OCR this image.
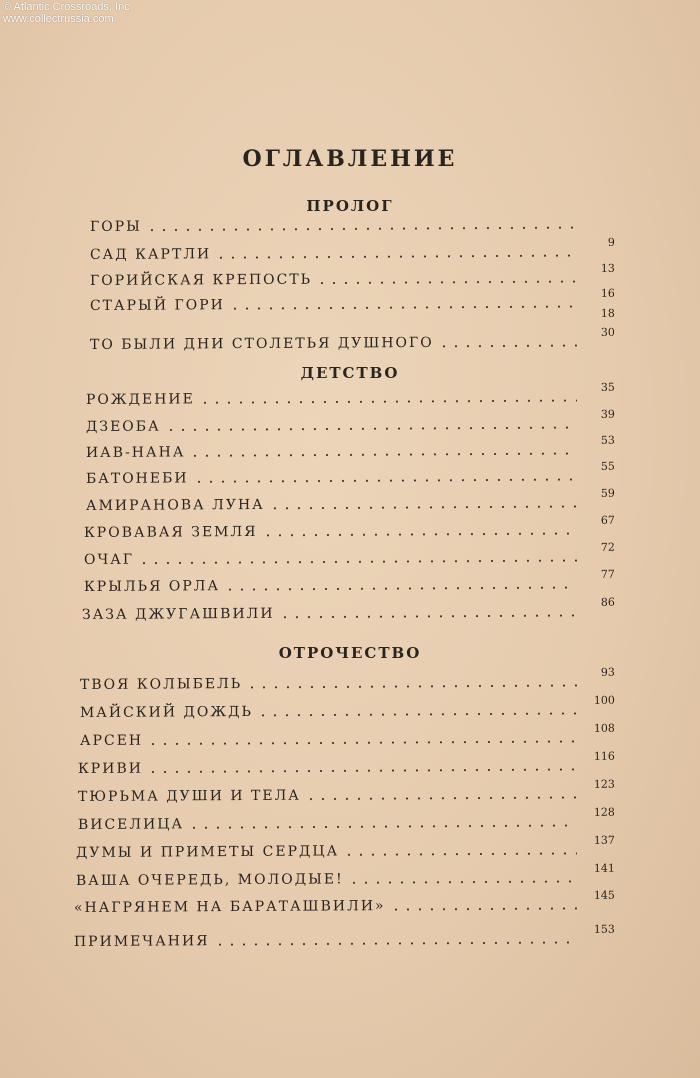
© Atlantic Crossroads, Inc.
www.collectrussia.com
ОГЛАВЛЕНИЕ
ПРОЛОГ
ГОРЫ
САД КАРТЛИ
9
ГОРИЙСКАЯ КРЕПОСТЬ
13
СТАРЫЙ ГОРИ
16
18
ТО БЫЛИ ДНИ СТОЛЕТЬЯ ДУШНОГО
30
ДЕТСТВО
РОЖДЕНИЕ
35
ДЗЕОБА
39
ИАВ-НАНА
53
БАТОНЕБИ
55
АМИРАНОВА ЛУНА
59
КРОВАВАЯ ЗЕМЛЯ
67
ОЧАГ
72
КРЫЛЬЯ ОРЛА
77
ЗАЗА ДЖУГАШВИЛИ
86
ОТРОЧЕСТВО
ТВОЯ КОЛЫБЕЛЬ
93
МАЙСКИЙ ДОЖДЬ
100
АРСЕН
108
КРИВИ
116
ТЮРЬМА ДУШИ И ТЕЛА
123
ВИСЕЛИЦА
128
ДУМЫ И ПРИМЕТЫ СЕРДЦА
137
ВАША ОЧЕРЕДЬ, МОЛОДЫЕ!
141
«НАГРЯНЕМ НА БАРАТАШВИЛИ»
145
ПРИМЕЧАНИЯ
153
